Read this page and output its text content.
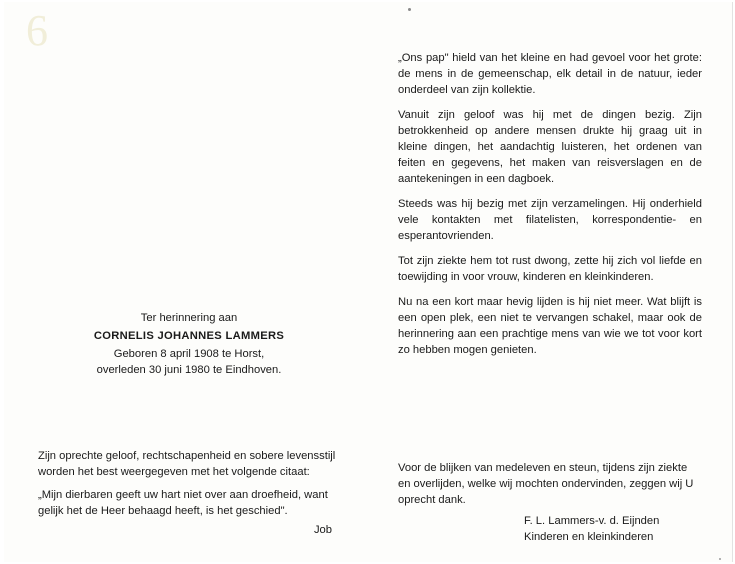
6
Ter herinnering aan
CORNELIS JOHANNES LAMMERS
Geboren 8 april 1908 te Horst,
overleden 30 juni 1980 te Eindhoven.
Zijn oprechte geloof, rechtschapenheid en sobere levensstijl worden het best weergegeven met het volgende citaat:
„Mijn dierbaren geeft uw hart niet over aan droefheid, want gelijk het de Heer behaagd heeft, is het geschied".
Job

„Ons pap" hield van het kleine en had gevoel voor het grote: de mens in de gemeenschap, elk detail in de natuur, ieder onderdeel van zijn kollektie.

Vanuit zijn geloof was hij met de dingen bezig. Zijn betrokkenheid op andere mensen drukte hij graag uit in kleine dingen, het aandachtig luisteren, het ordenen van feiten en gegevens, het maken van reisverslagen en de aantekeningen in een dagboek.

Steeds was hij bezig met zijn verzamelingen. Hij onderhield vele kontakten met filatelisten, korrespondentie- en esperantovrienden.

Tot zijn ziekte hem tot rust dwong, zette hij zich vol liefde en toewijding in voor vrouw, kinderen en kleinkinderen.

Nu na een kort maar hevig lijden is hij niet meer. Wat blijft is een open plek, een niet te vervangen schakel, maar ook de herinnering aan een prachtige mens van wie we tot voor kort zo hebben mogen genieten.

Voor de blijken van medeleven en steun, tijdens zijn ziekte en overlijden, welke wij mochten ondervinden, zeggen wij U oprecht dank.
F. L. Lammers-v. d. Eijnden
Kinderen en kleinkinderen
